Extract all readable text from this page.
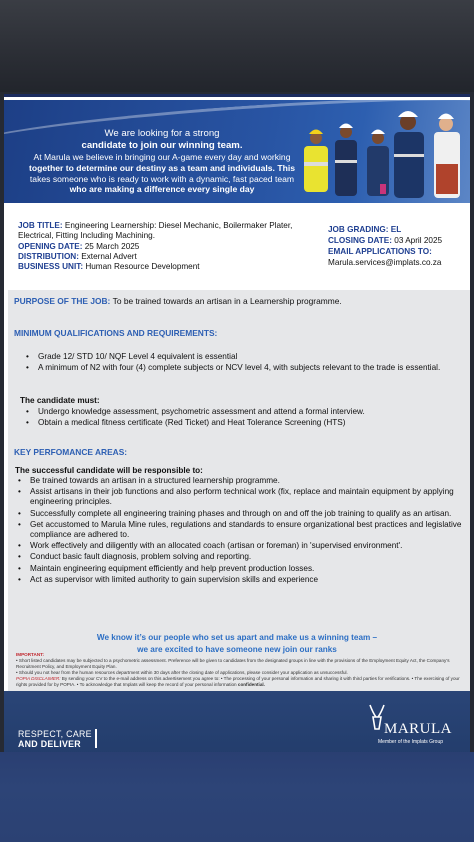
We are looking for a strong
candidate to join our winning team.
At Marula we believe in bringing our A-game every day and working
together to determine our destiny as a team and individuals. This
takes someone who is ready to work with a dynamic, fast paced team
who are making a difference every single day
JOB TITLE: Engineering Learnership: Diesel Mechanic, Boilermaker Plater, Electrical, Fitting Including Machining.
OPENING DATE: 25 March 2025
DISTRIBUTION: External Advert
BUSINESS UNIT: Human Resource Development
JOB GRADING: EL
CLOSING DATE: 03 April 2025
EMAIL APPLICATIONS TO:
Marula.services@implats.co.za
PURPOSE OF THE JOB: To be trained towards an artisan in a Learnership programme.
MINIMUM QUALIFICATIONS AND REQUIREMENTS:
• Grade 12/ STD 10/ NQF Level 4 equivalent is essential
• A minimum of N2 with four (4) complete subjects or NCV level 4, with subjects relevant to the trade is essential.
The candidate must:
• Undergo knowledge assessment, psychometric assessment and attend a formal interview.
• Obtain a medical fitness certificate (Red Ticket) and Heat Tolerance Screening (HTS)
KEY PERFOMANCE AREAS:
The successful candidate will be responsible to:
• Be trained towards an artisan in a structured learnership programme.
• Assist artisans in their job functions and also perform technical work (fix, replace and maintain equipment by applying engineering principles.
• Successfully complete all engineering training phases and through on and off the job training to qualify as an artisan.
• Get accustomed to Marula Mine rules, regulations and standards to ensure organizational best practices and legislative compliance are adhered to.
• Work effectively and diligently with an allocated coach (artisan or foreman) in 'supervised environment'.
• Conduct basic fault diagnosis, problem solving and reporting.
• Maintain engineering equipment efficiently and help prevent production losses.
• Act as supervisor with limited authority to gain supervision skills and experience
We know it’s our people who set us apart and make us a winning team –
we are excited to have someone new join our ranks
IMPORTANT:
• Short listed candidates may be subjected to a psychometric assessment. Preference will be given to candidates from the designated groups in line with the provisions of the Employment Equity Act, the Company’s Recruitment Policy, and Employment Equity Plan.
• Should you not hear from the human resources department within 30 days after the closing date of applications, please consider your application as unsuccessful.
POPIA DISCLAIMER: By sending your CV to the e-mail address on this advertisement you agree to: • The processing of your personal information and sharing it with third parties for verifications. • The exercising of your rights provided for by POPIA. • To acknowledge that Implats will keep the record of your personal information confidential.
RESPECT, CARE
AND DELIVER
MARULA
Member of the Implats Group
